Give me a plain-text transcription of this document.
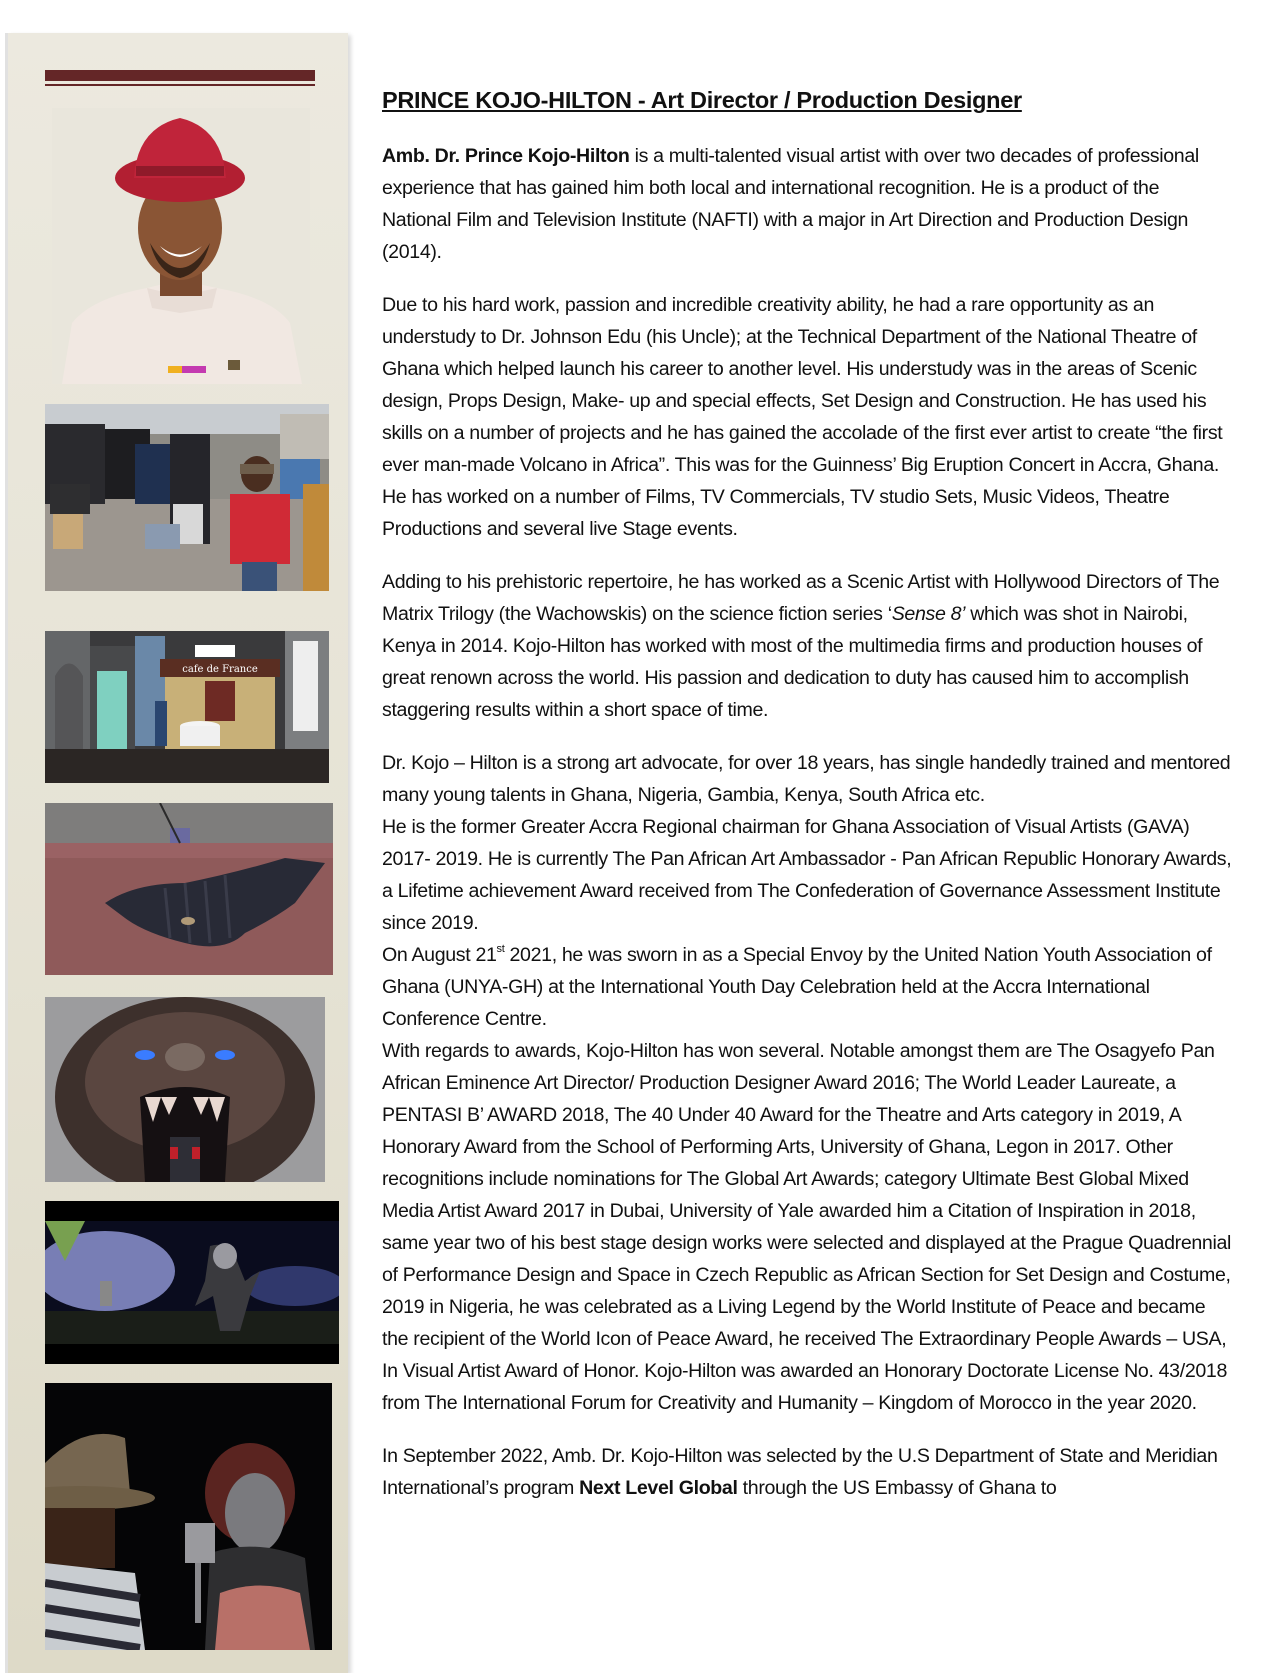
cafe de France
PRINCE KOJO-HILTON - Art Director / Production Designer

Amb. Dr. Prince Kojo-Hilton is a multi-talented visual artist with over two decades of professional experience that has gained him both local and international recognition. He is a product of the National Film and Television Institute (NAFTI) with a major in Art Direction and Production Design (2014).

Due to his hard work, passion and incredible creativity ability, he had a rare opportunity as an understudy to Dr. Johnson Edu (his Uncle); at the Technical Department of the National Theatre of Ghana which helped launch his career to another level. His understudy was in the areas of Scenic design, Props Design, Make- up and special effects, Set Design and Construction. He has used his skills on a number of projects and he has gained the accolade of the first ever artist to create “the first ever man-made Volcano in Africa”. This was for the Guinness’ Big Eruption Concert in Accra, Ghana. He has worked on a number of Films, TV Commercials, TV studio Sets, Music Videos, Theatre Productions and several live Stage events.

Adding to his prehistoric repertoire, he has worked as a Scenic Artist with Hollywood Directors of The Matrix Trilogy (the Wachowskis) on the science fiction series ‘Sense 8’ which was shot in Nairobi, Kenya in 2014. Kojo-Hilton has worked with most of the multimedia firms and production houses of great renown across the world. His passion and dedication to duty has caused him to accomplish staggering results within a short space of time.

Dr. Kojo – Hilton is a strong art advocate, for over 18 years, has single handedly trained and mentored many young talents in Ghana, Nigeria, Gambia, Kenya, South Africa etc.

He is the former Greater Accra Regional chairman for Ghana Association of Visual Artists (GAVA) 2017- 2019. He is currently The Pan African Art Ambassador - Pan African Republic Honorary Awards, a Lifetime achievement Award received from The Confederation of Governance Assessment Institute since 2019.

On August 21st 2021, he was sworn in as a Special Envoy by the United Nation Youth Association of Ghana (UNYA-GH) at the International Youth Day Celebration held at the Accra International Conference Centre.

With regards to awards, Kojo-Hilton has won several. Notable amongst them are The Osagyefo Pan African Eminence Art Director/ Production Designer Award 2016; The World Leader Laureate, a PENTASI B’ AWARD 2018, The 40 Under 40 Award for the Theatre and Arts category in 2019, A Honorary Award from the School of Performing Arts, University of Ghana, Legon in 2017. Other recognitions include nominations for The Global Art Awards; category Ultimate Best Global Mixed Media Artist Award 2017 in Dubai, University of Yale awarded him a Citation of Inspiration in 2018, same year two of his best stage design works were selected and displayed at the Prague Quadrennial of Performance Design and Space in Czech Republic as African Section for Set Design and Costume, 2019 in Nigeria, he was celebrated as a Living Legend by the World Institute of Peace and became the recipient of the World Icon of Peace Award, he received The Extraordinary People Awards – USA, In Visual Artist Award of Honor. Kojo-Hilton was awarded an Honorary Doctorate License No. 43/2018 from The International Forum for Creativity and Humanity – Kingdom of Morocco in the year 2020.

In September 2022, Amb. Dr. Kojo-Hilton was selected by the U.S Department of State and Meridian International’s program Next Level Global through the US Embassy of Ghana to
